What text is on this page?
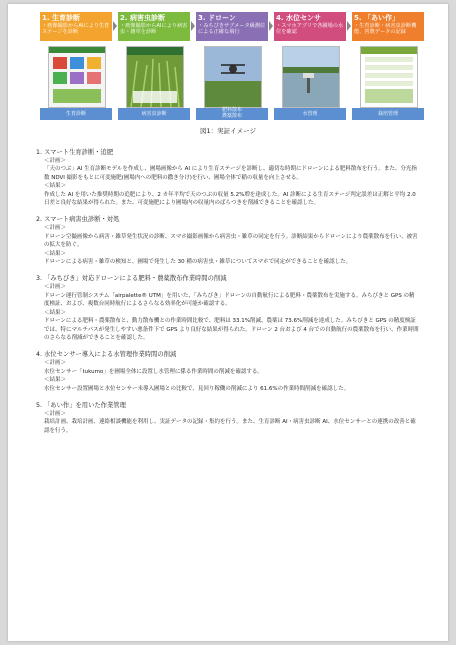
1. 生育診断
・画像撮影からAIにより生育ステージを診断
生育診断
2. 病害虫診断
・画像撮影からAIにより病害虫・雑草を診断
病害虫診断
3. ドローン
・みちびきサブメータ級測位による正確な飛行
肥料散布
農薬散布
4. 水位センサ
・スマホアプリで各圃場の水位を確認
水管理
5. 「あい作」
・生育診断・病害虫診断機能、営農データの記録
栽培管理
図1：実証イメージ
1. スマート生育診断・追肥
＜計画＞
「天のつぶ」AI 生育診断モデルを作成し、圃場画像から AI により生育ステージを診断し、適切な時期にドローンによる肥料散布を行う。また、分光指数 NDVI 撮影をもとに可変施肥(圃場内への肥料の撒き分け)を行い、圃場全体で稲の収量を向上させる。
＜結果＞
作成した AI を用いた推奨時期の追肥により、2 カ年平均で天のつぶの収量 5.2%増を達成した。AI 診断による生育ステージ判定誤差は正解と平均 2.0 日差と良好な結果が得られた。また、可変施肥により圃場内の収量内のばらつきを削減できることを確認した。
2. スマート病害虫診断・対処
＜計画＞
ドローン空撮画像から病害・雑草発生状況の診断、スマホ撮影画像から病害虫・雑草の同定を行う。診断結果からドローンにより農薬散布を行い、被害の拡大を防ぐ。
＜結果＞
ドローンによる病害・雑草の検知と、圃場で発生した 30 種の病害虫・雑草についてスマホで同定ができることを確認した。
3. 「みちびき」対応ドローンによる肥料・農薬散布作業時間の削減
＜計画＞
ドローン運行管制システム「airpalette® UTM」を用いた、「みちびき」ドローンの自動航行による肥料・農薬散布を実施する。みちびきと GPS の精度検証、および、複数台同時航行によるさらなる効率化が可能か確認する。
＜結果＞
ドローンによる肥料・農薬散布と、動力散布機との作業時間比較で、肥料は 33.1%削減、農薬は 73.6%削減を達成した。みちびきと GPS の精度検証では、特にマルチパスが発生しやすい悪条件下で GPS より良好な結果が得られた。ドローン 2 台および 4 台での自動航行の農薬散布を行い、作業時間のさらなる削減ができることを確認した。
4. 水位センサー導入による水管理作業時間の削減
＜計画＞
水位センサー「tukumo」を圃場全体に設置し水管理に係る作業時間の削減を確認する。
＜結果＞
水位センサー設置圃場と水位センサー未導入圃場との比較で、見回り稼働の削減により 61.6%の作業時間削減を確認した。
5. 「あい作」を用いた作業管理
＜計画＞
栽培計画、栽培計画、連絡相談機能を利用し、実証データの記録・集約を行う。また、生育診断 AI・病害虫診断 AI、水位センサーとの連携の改善と確認を行う。
